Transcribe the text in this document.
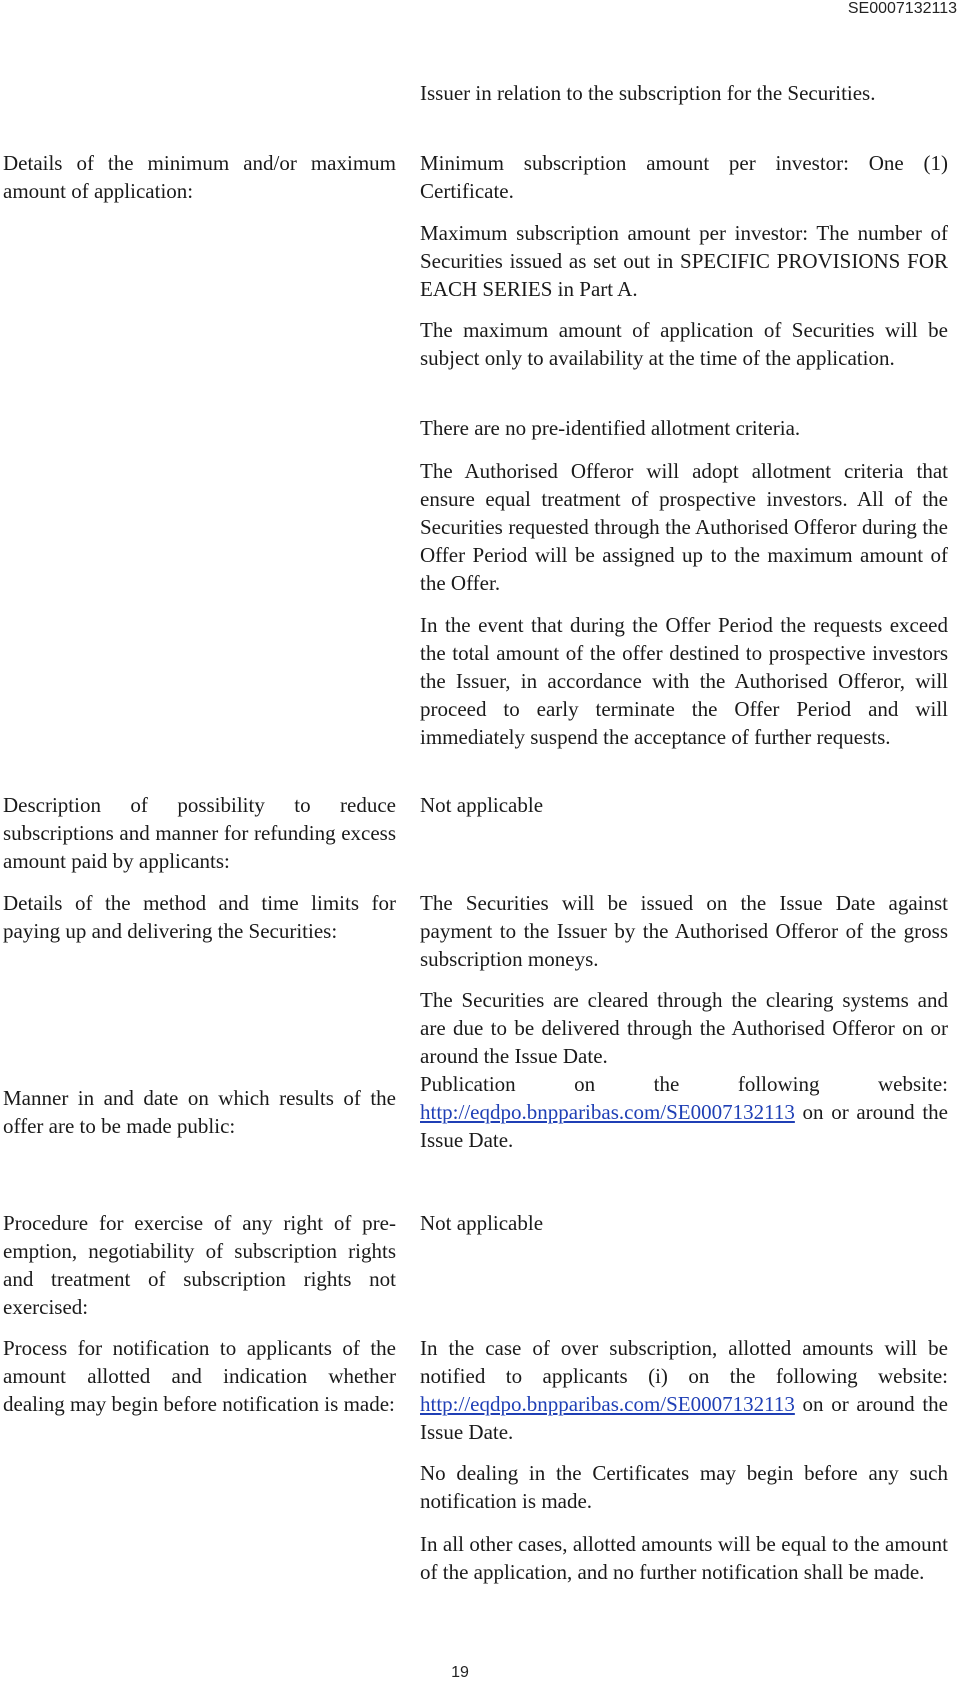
SE0007132113

Issuer in relation to the subscription for the Securities.

Details of the minimum and/or maximum amount of application:

Minimum subscription amount per investor: One (1) Certificate.

Maximum subscription amount per investor: The number of Securities issued as set out in SPECIFIC PROVISIONS FOR EACH SERIES in Part A.

The maximum amount of application of Securities will be subject only to availability at the time of the application.

There are no pre-identified allotment criteria.

The Authorised Offeror will adopt allotment criteria that ensure equal treatment of prospective investors. All of the Securities requested through the Authorised Offeror during the Offer Period will be assigned up to the maximum amount of the Offer.

In the event that during the Offer Period the requests exceed the total amount of the offer destined to prospective investors the Issuer, in accordance with the Authorised Offeror, will proceed to early terminate the Offer Period and will immediately suspend the acceptance of further requests.

Description of possibility to reduce subscriptions and manner for refunding excess amount paid by applicants:

Not applicable

Details of the method and time limits for paying up and delivering the Securities:

The Securities will be issued on the Issue Date against payment to the Issuer by the Authorised Offeror of the gross subscription moneys.

The Securities are cleared through the clearing systems and are due to be delivered through the Authorised Offeror on or around the Issue Date.

Manner in and date on which results of the offer are to be made public:

Publication on the following website: http://eqdpo.bnpparibas.com/SE0007132113 on or around the Issue Date.

Procedure for exercise of any right of pre-emption, negotiability of subscription rights and treatment of subscription rights not exercised:

Not applicable

Process for notification to applicants of the amount allotted and indication whether dealing may begin before notification is made:

In the case of over subscription, allotted amounts will be notified to applicants (i) on the following website: http://eqdpo.bnpparibas.com/SE0007132113 on or around the Issue Date.

No dealing in the Certificates may begin before any such notification is made.

In all other cases, allotted amounts will be equal to the amount of the application, and no further notification shall be made.

19
